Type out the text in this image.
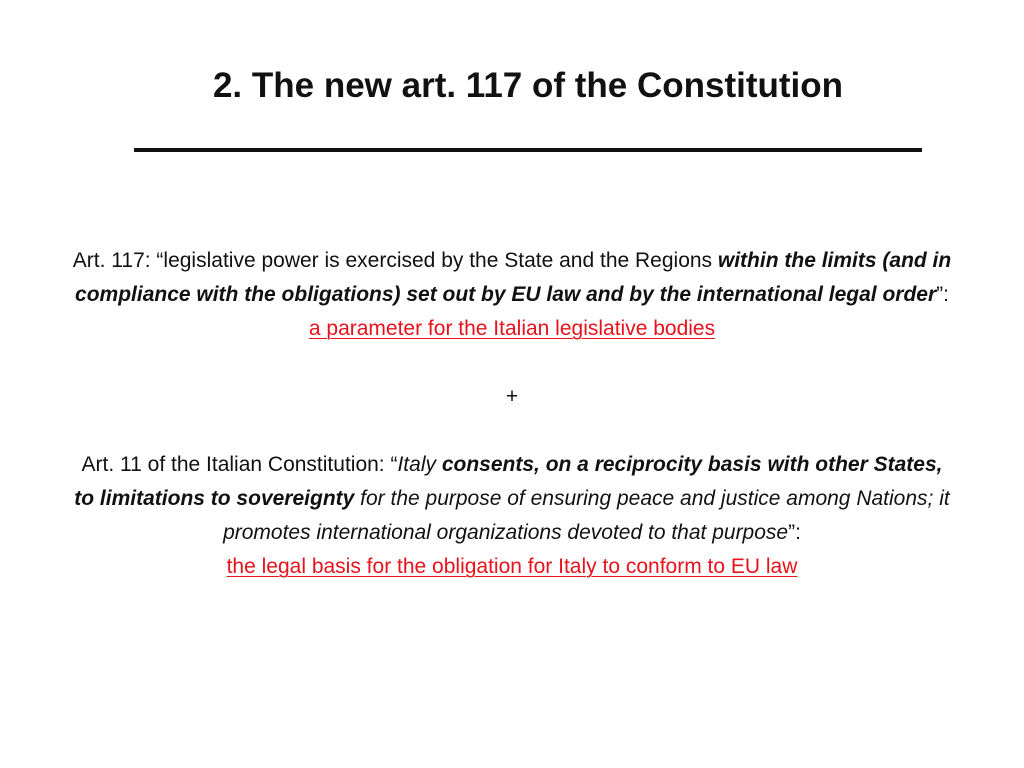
2. The new art. 117 of the Constitution

Art. 117: “legislative power is exercised by the State and the Regions within the limits (and in compliance with the obligations) set out by EU law and by the international legal order”:

a parameter for the Italian legislative bodies

+

Art. 11 of the Italian Constitution: “Italy consents, on a reciprocity basis with other States, to limitations to sovereignty for the purpose of ensuring peace and justice among Nations; it promotes international organizations devoted to that purpose”:

the legal basis for the obligation for Italy to conform to EU law
